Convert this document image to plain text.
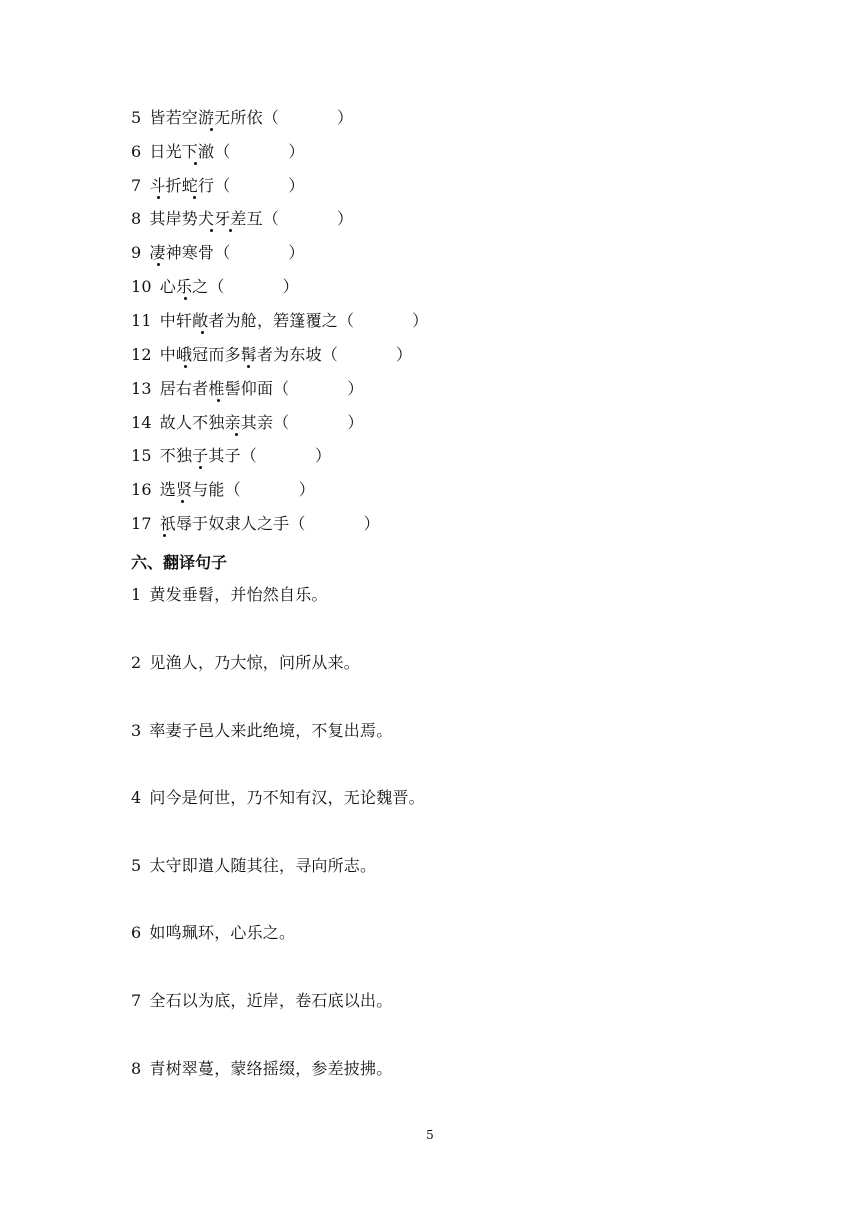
5 皆若空游无所依（	）
6 日光下澈（	）
7 斗折蛇行（	）
8 其岸势犬牙差互（	）
9 凄神寒骨（	）
10 心乐之（	）
11 中轩敞者为舱，箬篷覆之（	）
12 中峨冠而多髯者为东坡（	）
13 居右者椎髻仰面（	）
14 故人不独亲其亲（	）
15 不独子其子（	）
16 选贤与能（	）
17 祇辱于奴隶人之手（	）
六、翻译句子
1 黄发垂髫，并怡然自乐。
2 见渔人，乃大惊，问所从来。
3 率妻子邑人来此绝境，不复出焉。
4 问今是何世，乃不知有汉，无论魏晋。
5 太守即遣人随其往，寻向所志。
6 如鸣珮环，心乐之。
7 全石以为底，近岸，卷石底以出。
8 青树翠蔓，蒙络摇缀，参差披拂。
5
